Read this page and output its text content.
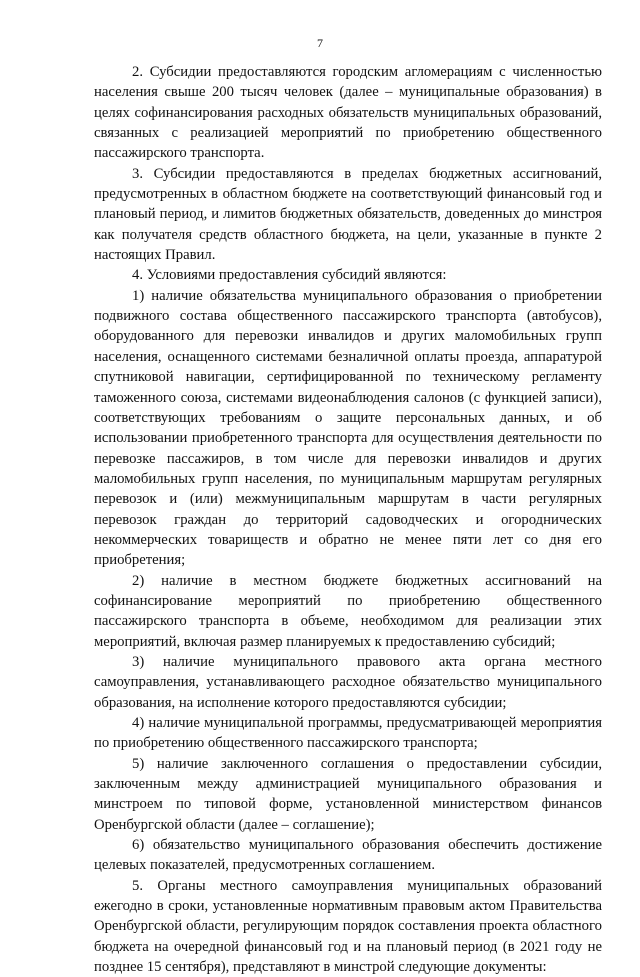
7

2. Субсидии предоставляются городским агломерациям с численностью населения свыше 200 тысяч человек (далее – муниципальные образования) в целях софинансирования расходных обязательств муниципальных образований, связанных с реализацией мероприятий по приобретению общественного пассажирского транспорта.

3. Субсидии предоставляются в пределах бюджетных ассигнований, предусмотренных в областном бюджете на соответствующий финансовый год и плановый период, и лимитов бюджетных обязательств, доведенных до минстроя как получателя средств областного бюджета, на цели, указанные в пункте 2 настоящих Правил.

4. Условиями предоставления субсидий являются:

1) наличие обязательства муниципального образования о приобретении подвижного состава общественного пассажирского транспорта (автобусов), оборудованного для перевозки инвалидов и других маломобильных групп населения, оснащенного системами безналичной оплаты проезда, аппаратурой спутниковой навигации, сертифицированной по техническому регламенту таможенного союза, системами видеонаблюдения салонов (с функцией записи), соответствующих требованиям о защите персональных данных, и об использовании приобретенного транспорта для осуществления деятельности по перевозке пассажиров, в том числе для перевозки инвалидов и других маломобильных групп населения, по муниципальным маршрутам регулярных перевозок и (или) межмуниципальным маршрутам в части регулярных перевозок граждан до территорий садоводческих и огороднических некоммерческих товариществ и обратно не менее пяти лет со дня его приобретения;

2) наличие в местном бюджете бюджетных ассигнований на софинансирование мероприятий по приобретению общественного пассажирского транспорта в объеме, необходимом для реализации этих мероприятий, включая размер планируемых к предоставлению субсидий;

3) наличие муниципального правового акта органа местного самоуправления, устанавливающего расходное обязательство муниципального образования, на исполнение которого предоставляются субсидии;

4) наличие муниципальной программы, предусматривающей мероприятия по приобретению общественного пассажирского транспорта;

5) наличие заключенного соглашения о предоставлении субсидии, заключенным между администрацией муниципального образования и минстроем по типовой форме, установленной министерством финансов Оренбургской области (далее – соглашение);

6) обязательство муниципального образования обеспечить достижение целевых показателей, предусмотренных соглашением.

5. Органы местного самоуправления муниципальных образований ежегодно в сроки, установленные нормативным правовым актом Правительства Оренбургской области, регулирующим порядок составления проекта областного бюджета на очередной финансовый год и на плановый период (в 2021 году не позднее 15 сентября), представляют в минстрой следующие документы:
